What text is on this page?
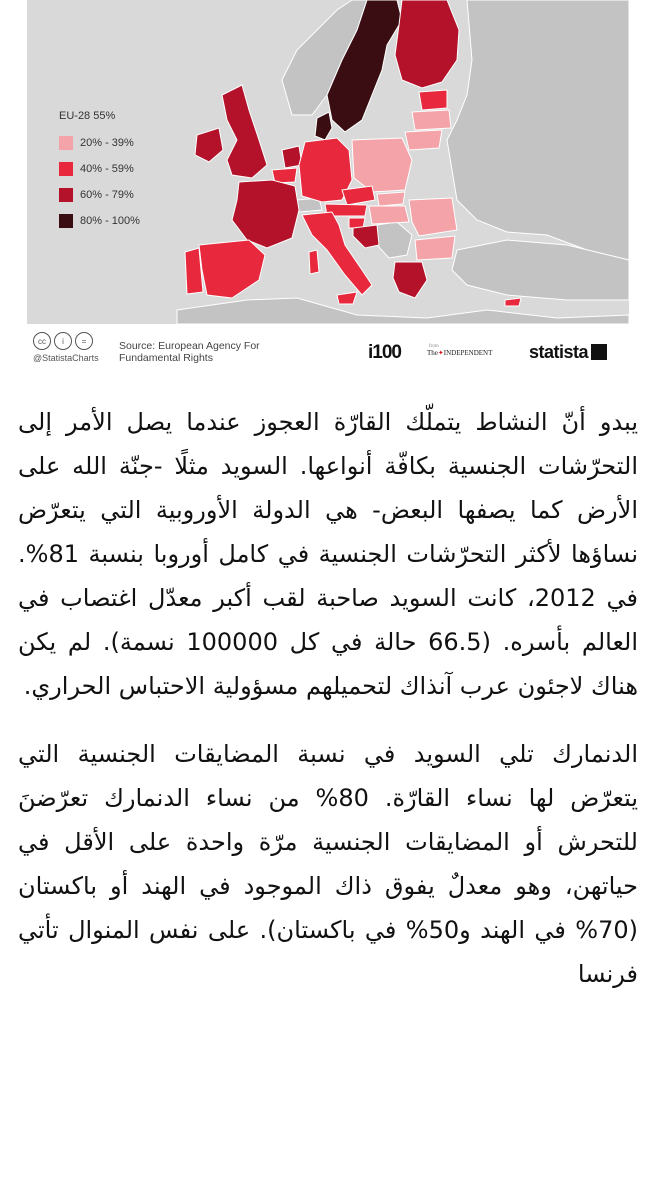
EU-28 55%
20% - 39%
40% - 59%
60% - 79%
80% - 100%
cc	i	=
@StatistaCharts
Source: European Agency For Fundamental Rights	i100	from
The✦INDEPENDENT statista

يبدو أنّ النشاط يتملّك القارّة العجوز عندما يصل الأمر إلى التحرّشات الجنسية بكافّة أنواعها. السويد مثلًا -جنّة الله على الأرض كما يصفها البعض- هي الدولة الأوروبية التي يتعرّض نساؤها لأكثر التحرّشات الجنسية في كامل أوروبا بنسبة 81%. في 2012، كانت السويد صاحبة لقب أكبر معدّل اغتصاب في العالم بأسره. (66.5 حالة في كل 100000 نسمة). لم يكن هناك لاجئون عرب آنذاك لتحميلهم مسؤولية الاحتباس الحراري.

الدنمارك تلي السويد في نسبة المضايقات الجنسية التي يتعرّض لها نساء القارّة. 80% من نساء الدنمارك تعرّضنَ للتحرش أو المضايقات الجنسية مرّة واحدة على الأقل في حياتهن، وهو معدلٌ يفوق ذاك الموجود في الهند أو باكستان (70% في الهند و50% في باكستان). على نفس المنوال تأتي فرنسا
